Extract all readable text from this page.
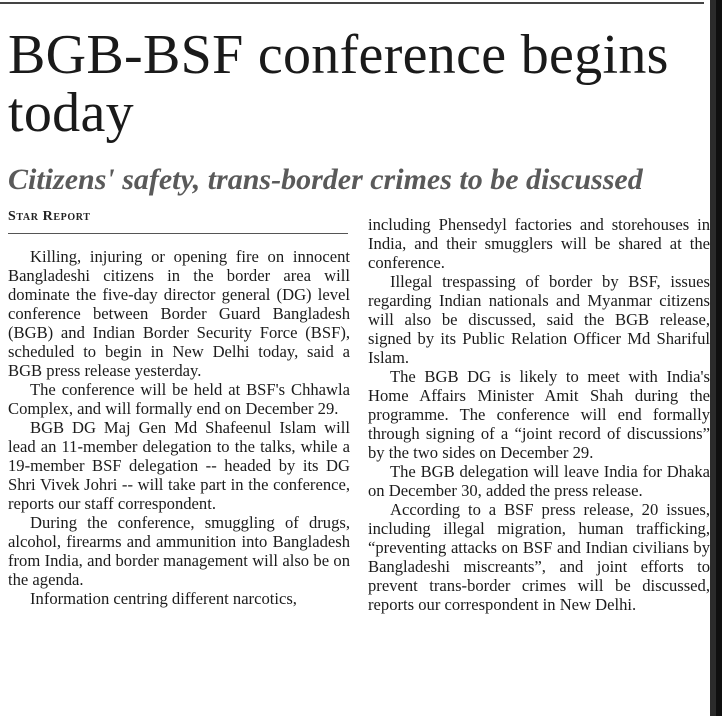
BGB-BSF conference begins today
Citizens' safety, trans-border crimes to be discussed
Star Report

Killing, injuring or opening fire on innocent Bangladeshi citizens in the border area will dominate the five-day director general (DG) level conference between Border Guard Bangladesh (BGB) and Indian Border Security Force (BSF), scheduled to begin in New Delhi today, said a BGB press release yesterday.

The conference will be held at BSF's Chhawla Complex, and will formally end on December 29.

BGB DG Maj Gen Md Shafeenul Islam will lead an 11-member delegation to the talks, while a 19-member BSF delegation -- headed by its DG Shri Vivek Johri -- will take part in the conference, reports our staff correspondent.

During the conference, smuggling of drugs, alcohol, firearms and ammunition into Bangladesh from India, and border management will also be on the agenda.

Information centring different narcotics,

including Phensedyl factories and storehouses in India, and their smugglers will be shared at the conference.

Illegal trespassing of border by BSF, issues regarding Indian nationals and Myanmar citizens will also be discussed, said the BGB release, signed by its Public Relation Officer Md Shariful Islam.

The BGB DG is likely to meet with India's Home Affairs Minister Amit Shah during the programme. The conference will end formally through signing of a “joint record of discussions” by the two sides on December 29.

The BGB delegation will leave India for Dhaka on December 30, added the press release.

According to a BSF press release, 20 issues, including illegal migration, human trafficking, “preventing attacks on BSF and Indian civilians by Bangladeshi miscreants”, and joint efforts to prevent trans-border crimes will be discussed, reports our correspondent in New Delhi.
